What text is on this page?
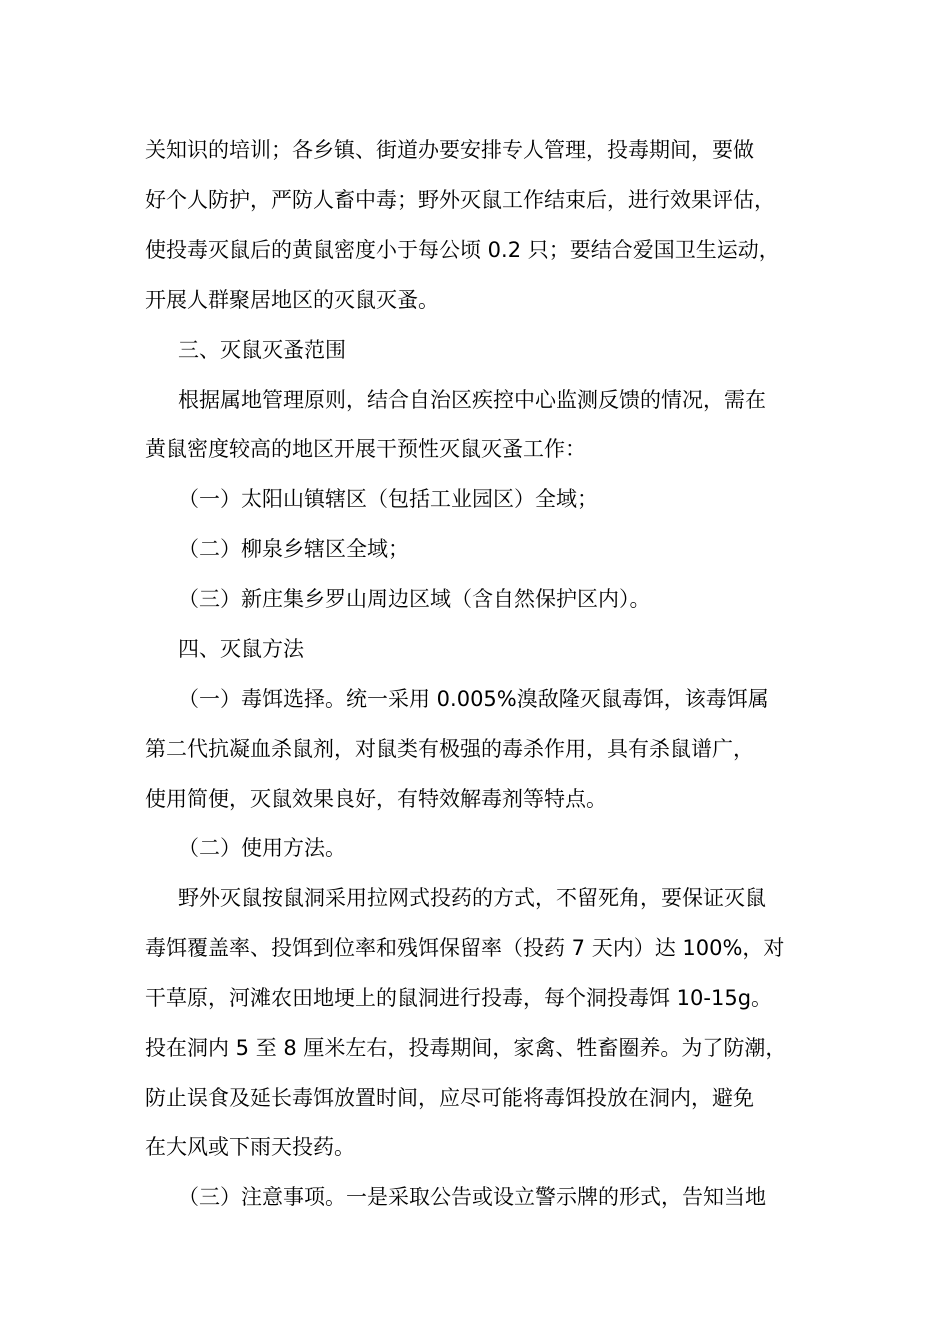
关知识的培训；各乡镇、街道办要安排专人管理，投毒期间，要做
好个人防护，严防人畜中毒；野外灭鼠工作结束后，进行效果评估，
使投毒灭鼠后的黄鼠密度小于每公顷 0.2 只；要结合爱国卫生运动，
开展人群聚居地区的灭鼠灭蚤。
三、灭鼠灭蚤范围
根据属地管理原则，结合自治区疾控中心监测反馈的情况，需在
黄鼠密度较高的地区开展干预性灭鼠灭蚤工作：
（一）太阳山镇辖区（包括工业园区）全域；
（二）柳泉乡辖区全域；
（三）新庄集乡罗山周边区域（含自然保护区内）。
四、灭鼠方法
（一）毒饵选择。统一采用 0.005%溴敌隆灭鼠毒饵，该毒饵属
第二代抗凝血杀鼠剂，对鼠类有极强的毒杀作用，具有杀鼠谱广，
使用简便，灭鼠效果良好，有特效解毒剂等特点。
（二）使用方法。
野外灭鼠按鼠洞采用拉网式投药的方式，不留死角，要保证灭鼠
毒饵覆盖率、投饵到位率和残饵保留率（投药 7 天内）达 100%，对
干草原，河滩农田地埂上的鼠洞进行投毒，每个洞投毒饵 10-15g。
投在洞内 5 至 8 厘米左右，投毒期间，家禽、牲畜圈养。为了防潮，
防止误食及延长毒饵放置时间，应尽可能将毒饵投放在洞内，避免
在大风或下雨天投药。
（三）注意事项。一是采取公告或设立警示牌的形式，告知当地
